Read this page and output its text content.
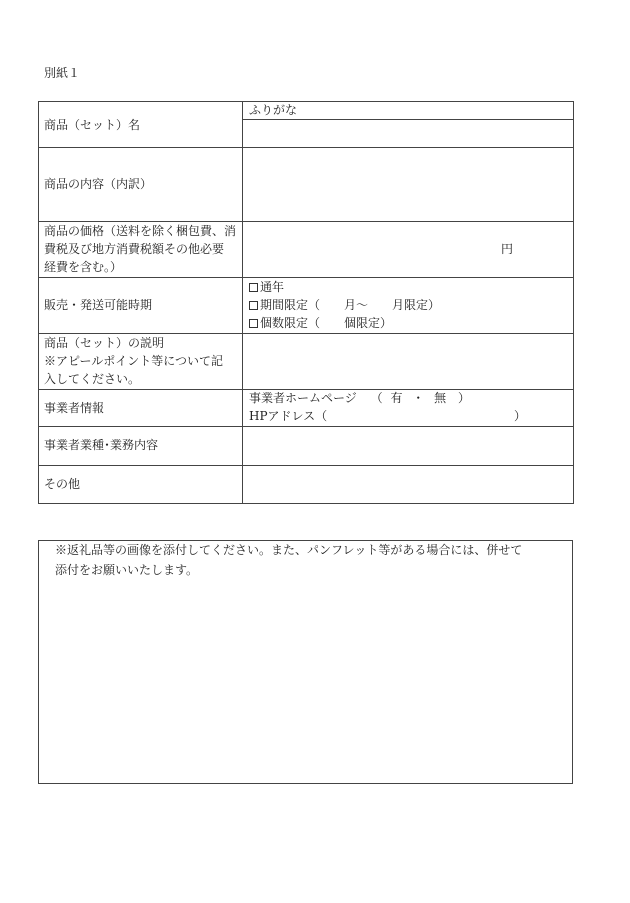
別紙１
商品（セット）名
ふりがな
商品の内容（内訳）
商品の価格（送料を除く梱包費、消
費税及び地方消費税額その他必要
経費を含む。）
円
販売・発送可能時期
通年
期間限定（ 月～ 月限定）
個数限定（ 個限定）
商品（セット）の説明
※アピールポイント等について記
入してください。
事業者情報
事業者ホームページ （ 有 ・ 無 ）
HPアドレス（	）
事業者業種･業務内容
その他
※返礼品等の画像を添付してください。また、パンフレット等がある場合には、併せて
添付をお願いいたします。
